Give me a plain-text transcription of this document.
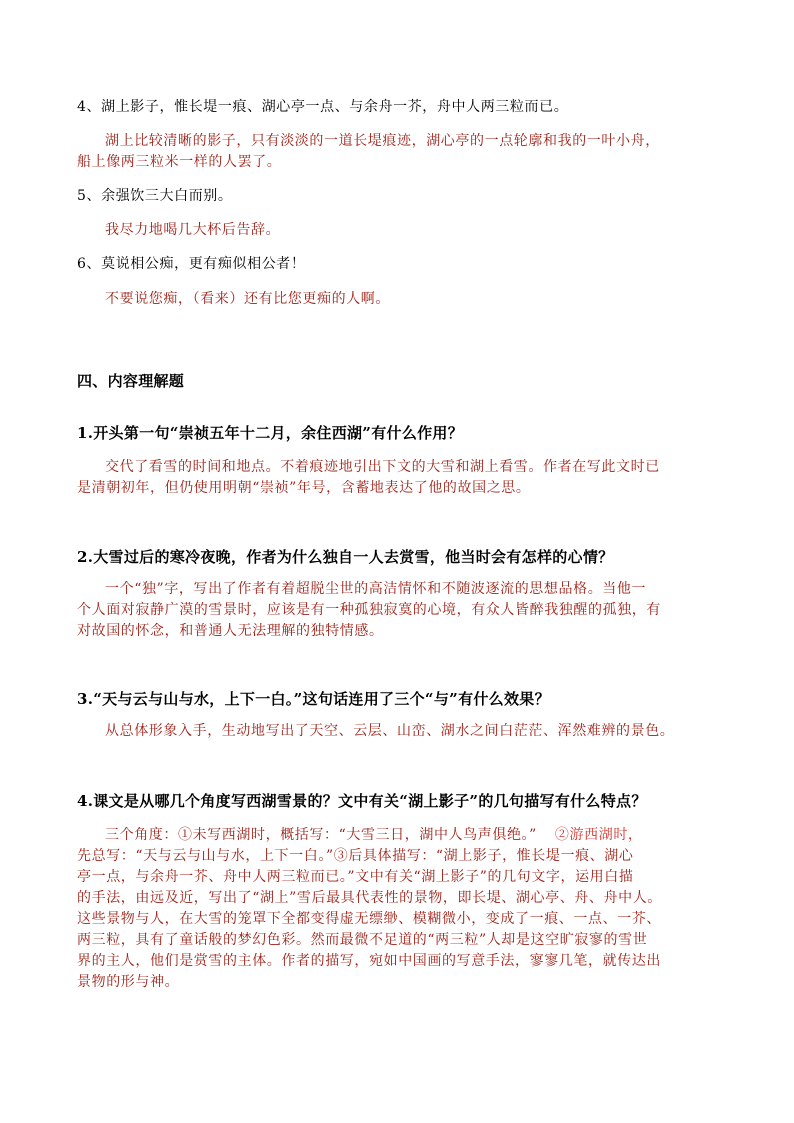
4、湖上影子，惟长堤一痕、湖心亭一点、与余舟一芥，舟中人两三粒而已。
湖上比较清晰的影子，只有淡淡的一道长堤痕迹，湖心亭的一点轮廓和我的一叶小舟，
船上像两三粒米一样的人罢了。
5、余强饮三大白而别。
我尽力地喝几大杯后告辞。
6、莫说相公痴，更有痴似相公者！
不要说您痴，（看来）还有比您更痴的人啊。
四、内容理解题
1.开头第一句“崇祯五年十二月，余住西湖”有什么作用？
交代了看雪的时间和地点。不着痕迹地引出下文的大雪和湖上看雪。作者在写此文时已
是清朝初年，但仍使用明朝“崇祯”年号，含蓄地表达了他的故国之思。
2.大雪过后的寒冷夜晚，作者为什么独自一人去赏雪，他当时会有怎样的心情？
一个“独”字，写出了作者有着超脱尘世的高洁情怀和不随波逐流的思想品格。当他一
个人面对寂静广漠的雪景时，应该是有一种孤独寂寞的心境，有众人皆醉我独醒的孤独，有
对故国的怀念，和普通人无法理解的独特情感。
3.“天与云与山与水，上下一白。”这句话连用了三个“与”有什么效果？
从总体形象入手，生动地写出了天空、云层、山峦、湖水之间白茫茫、浑然难辨的景色。
4.课文是从哪几个角度写西湖雪景的？文中有关“湖上影子”的几句描写有什么特点？
三个角度：①未写西湖时，概括写：“大雪三日，湖中人鸟声俱绝。” ②游西湖时，
先总写：“天与云与山与水，上下一白。”③后具体描写：“湖上影子，惟长堤一痕、湖心
亭一点，与余舟一芥、舟中人两三粒而已。”文中有关“湖上影子”的几句文字，运用白描
的手法，由远及近，写出了“湖上”雪后最具代表性的景物，即长堤、湖心亭、舟、舟中人。
这些景物与人，在大雪的笼罩下全都变得虚无缥缈、模糊微小，变成了一痕、一点、一芥、
两三粒，具有了童话般的梦幻色彩。然而最微不足道的“两三粒”人却是这空旷寂寥的雪世
界的主人，他们是赏雪的主体。作者的描写，宛如中国画的写意手法，寥寥几笔，就传达出
景物的形与神。
